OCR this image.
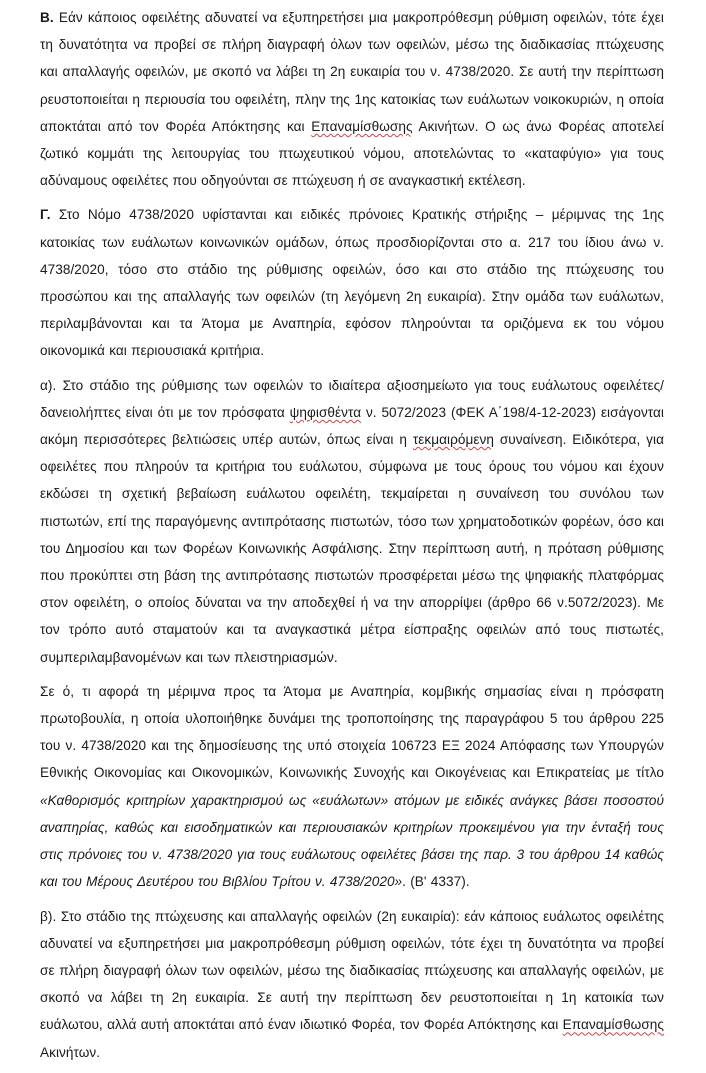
Β. Εάν κάποιος οφειλέτης αδυνατεί να εξυπηρετήσει μια μακροπρόθεσμη ρύθμιση οφειλών, τότε έχει τη δυνατότητα να προβεί σε πλήρη διαγραφή όλων των οφειλών, μέσω της διαδικασίας πτώχευσης και απαλλαγής οφειλών, με σκοπό να λάβει τη 2η ευκαιρία του ν. 4738/2020. Σε αυτή την περίπτωση ρευστοποιείται η περιουσία του οφειλέτη, πλην της 1ης κατοικίας των ευάλωτων νοικοκυριών, η οποία αποκτάται από τον Φορέα Απόκτησης και Επαναμίσθωσης Ακινήτων. Ο ως άνω Φορέας αποτελεί ζωτικό κομμάτι της λειτουργίας του πτωχευτικού νόμου, αποτελώντας το «καταφύγιο» για τους αδύναμους οφειλέτες που οδηγούνται σε πτώχευση ή σε αναγκαστική εκτέλεση.

Γ. Στο Νόμο 4738/2020 υφίστανται και ειδικές πρόνοιες Κρατικής στήριξης – μέριμνας της 1ης κατοικίας των ευάλωτων κοινωνικών ομάδων, όπως προσδιορίζονται στο α. 217 του ίδιου άνω ν. 4738/2020, τόσο στο στάδιο της ρύθμισης οφειλών, όσο και στο στάδιο της πτώχευσης του προσώπου και της απαλλαγής των οφειλών (τη λεγόμενη 2η ευκαιρία). Στην ομάδα των ευάλωτων, περιλαμβάνονται και τα Άτομα με Αναπηρία, εφόσον πληρούνται τα οριζόμενα εκ του νόμου οικονομικά και περιουσιακά κριτήρια.

α). Στο στάδιο της ρύθμισης των οφειλών το ιδιαίτερα αξιοσημείωτο για τους ευάλωτους οφειλέτες/δανειολήπτες είναι ότι με τον πρόσφατα ψηφισθέντα ν. 5072/2023 (ΦΕΚ Α΄198/4-12-2023) εισάγονται ακόμη περισσότερες βελτιώσεις υπέρ αυτών, όπως είναι η τεκμαιρόμενη συναίνεση. Ειδικότερα, για οφειλέτες που πληρούν τα κριτήρια του ευάλωτου, σύμφωνα με τους όρους του νόμου και έχουν εκδώσει τη σχετική βεβαίωση ευάλωτου οφειλέτη, τεκμαίρεται η συναίνεση του συνόλου των πιστωτών, επί της παραγόμενης αντιπρότασης πιστωτών, τόσο των χρηματοδοτικών φορέων, όσο και του Δημοσίου και των Φορέων Κοινωνικής Ασφάλισης. Στην περίπτωση αυτή, η πρόταση ρύθμισης που προκύπτει στη βάση της αντιπρότασης πιστωτών προσφέρεται μέσω της ψηφιακής πλατφόρμας στον οφειλέτη, ο οποίος δύναται να την αποδεχθεί ή να την απορρίψει (άρθρο 66 ν.5072/2023). Με τον τρόπο αυτό σταματούν και τα αναγκαστικά μέτρα είσπραξης οφειλών από τους πιστωτές, συμπεριλαμβανομένων και των πλειστηριασμών.

Σε ό, τι αφορά τη μέριμνα προς τα Άτομα με Αναπηρία, κομβικής σημασίας είναι η πρόσφατη πρωτοβουλία, η οποία υλοποιήθηκε δυνάμει της τροποποίησης της παραγράφου 5 του άρθρου 225 του ν. 4738/2020 και της δημοσίευσης της υπό στοιχεία 106723 ΕΞ 2024 Απόφασης των Υπουργών Εθνικής Οικονομίας και Οικονομικών, Κοινωνικής Συνοχής και Οικογένειας και Επικρατείας με τίτλο «Καθορισμός κριτηρίων χαρακτηρισμού ως «ευάλωτων» ατόμων με ειδικές ανάγκες βάσει ποσοστού αναπηρίας, καθώς και εισοδηματικών και περιουσιακών κριτηρίων προκειμένου για την ένταξή τους στις πρόνοιες του ν. 4738/2020 για τους ευάλωτους οφειλέτες βάσει της παρ. 3 του άρθρου 14 καθώς και του Μέρους Δευτέρου του Βιβλίου Τρίτου ν. 4738/2020». (Β' 4337).

β). Στο στάδιο της πτώχευσης και απαλλαγής οφειλών (2η ευκαιρία): εάν κάποιος ευάλωτος οφειλέτης αδυνατεί να εξυπηρετήσει μια μακροπρόθεσμη ρύθμιση οφειλών, τότε έχει τη δυνατότητα να προβεί σε πλήρη διαγραφή όλων των οφειλών, μέσω της διαδικασίας πτώχευσης και απαλλαγής οφειλών, με σκοπό να λάβει τη 2η ευκαιρία. Σε αυτή την περίπτωση δεν ρευστοποιείται η 1η κατοικία των ευάλωτου, αλλά αυτή αποκτάται από έναν ιδιωτικό Φορέα, τον Φορέα Απόκτησης και Επαναμίσθωσης Ακινήτων.
